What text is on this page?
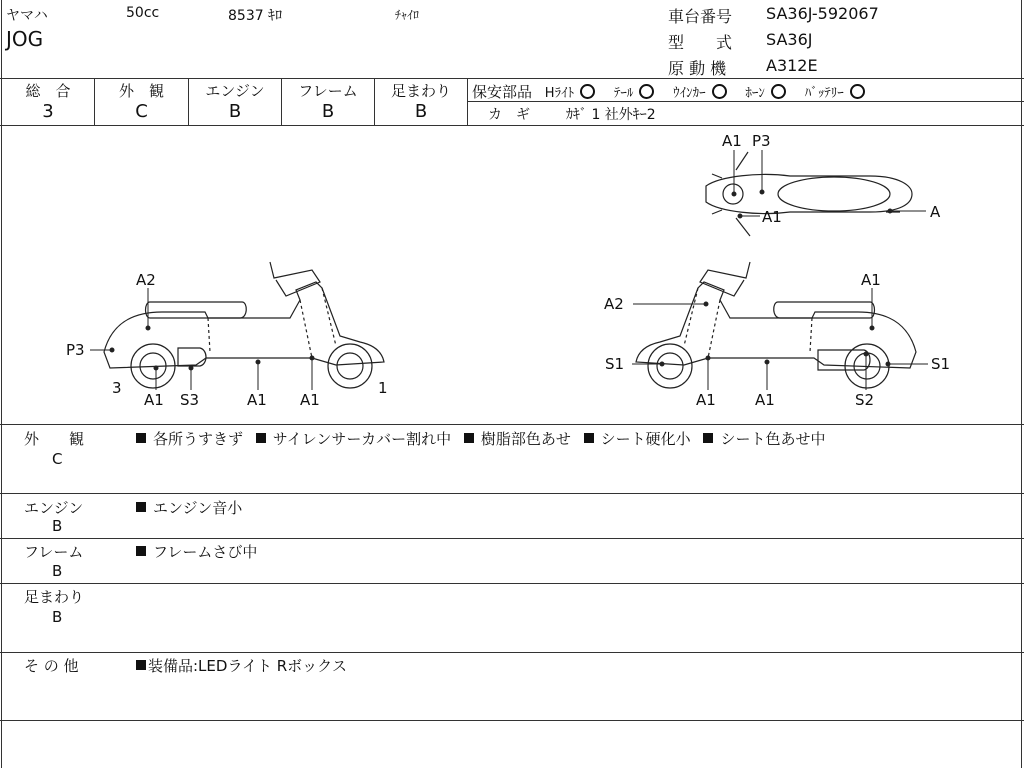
ヤマハ	50cc	8537 ｷﾛ	ﾁｬｲﾛ
JOG
車台番号 SA36J-592067
型　　式 SA36J
原 動 機 A312E
総　合
3
外　観
C
エンジン
B
フレーム
B
足まわり
B
保安部品 Hﾗｲﾄ	ﾃｰﾙ	ｳｲﾝｶｰ	ﾎｰﾝ	ﾊﾞｯﾃﾘｰ
カ　ギ	ｶｷﾞ 1 社外ｷｰ2
A2
P3
3
A1 S3	A1 A1
1
A2
A1
S1	S1
A1	A1	S2
A1 P3
A1	A
外　　観
C
各所うすきず サイレンサーカバー割れ中 樹脂部色あせ シート硬化小 シート色あせ中
エンジン
B
エンジン音小
フレーム
B
フレームさび中
足まわり
B
そ の 他	装備品:LEDライト Rボックス
